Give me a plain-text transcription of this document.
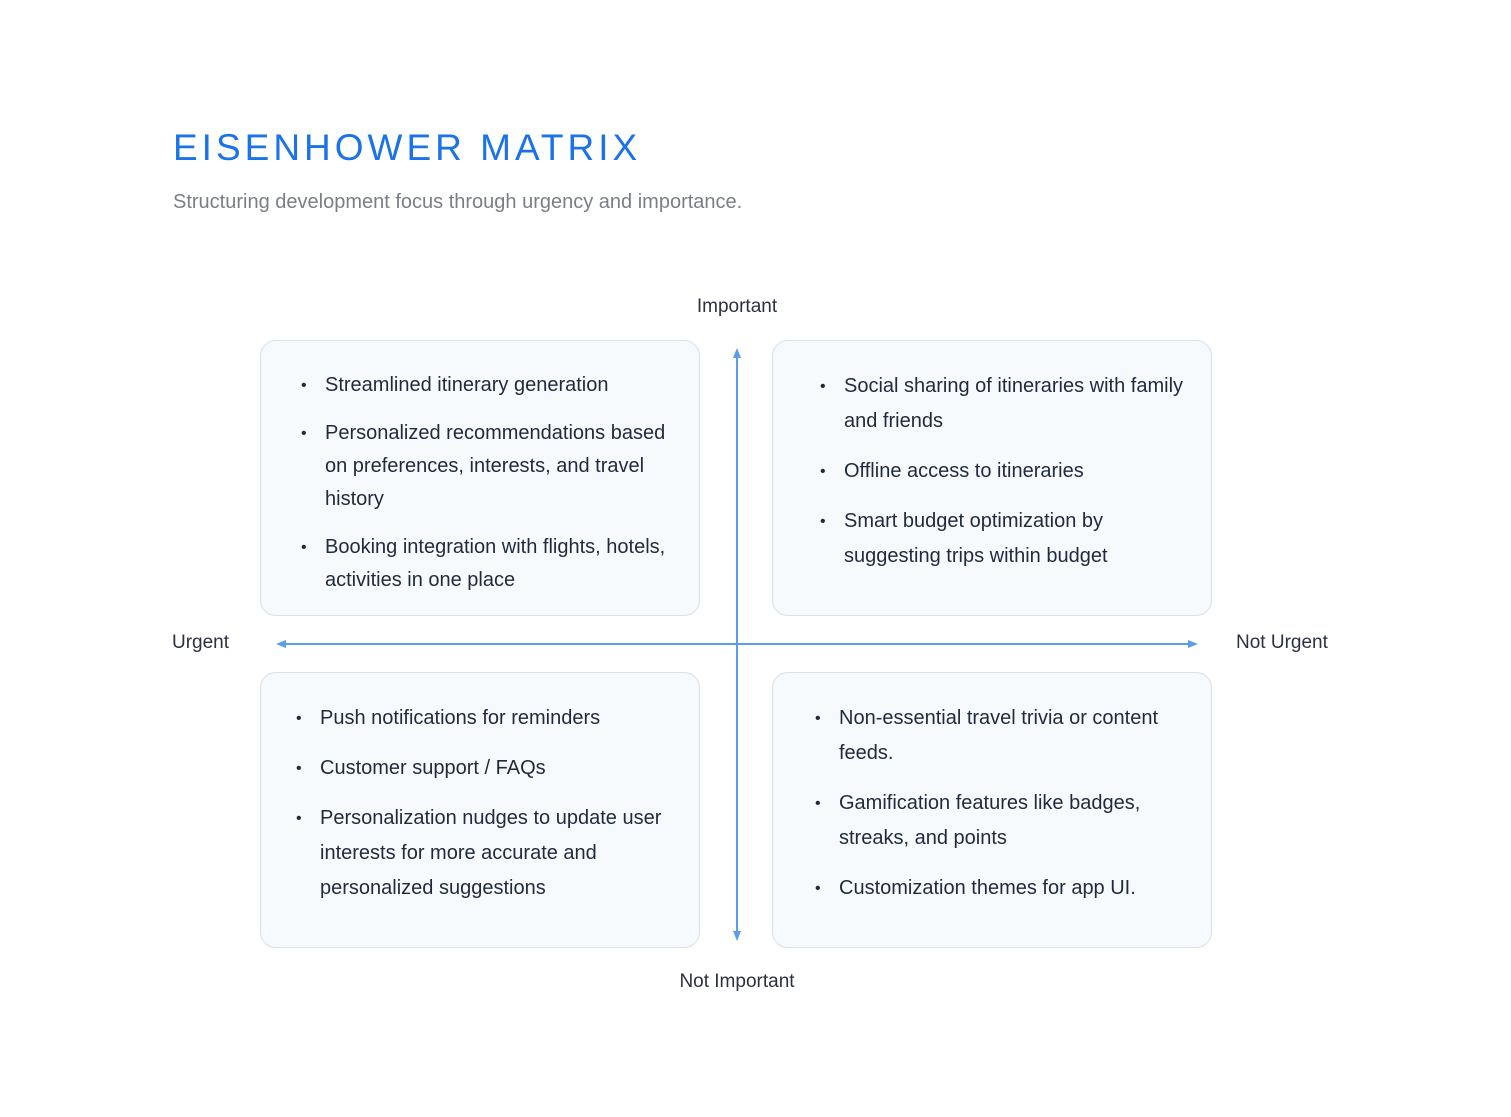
EISENHOWER MATRIX

Structuring development focus through urgency and importance.

Important
Not Important
Urgent	Not Urgent
• Streamlined itinerary generation
• Personalized recommendations based on preferences, interests, and travel history
• Booking integration with flights, hotels, activities in one place
• Social sharing of itineraries with family and friends
• Offline access to itineraries
• Smart budget optimization by suggesting trips within budget
• Push notifications for reminders
• Customer support / FAQs
• Personalization nudges to update user interests for more accurate and personalized suggestions
• Non-essential travel trivia or content feeds.
• Gamification features like badges, streaks, and points
• Customization themes for app UI.
